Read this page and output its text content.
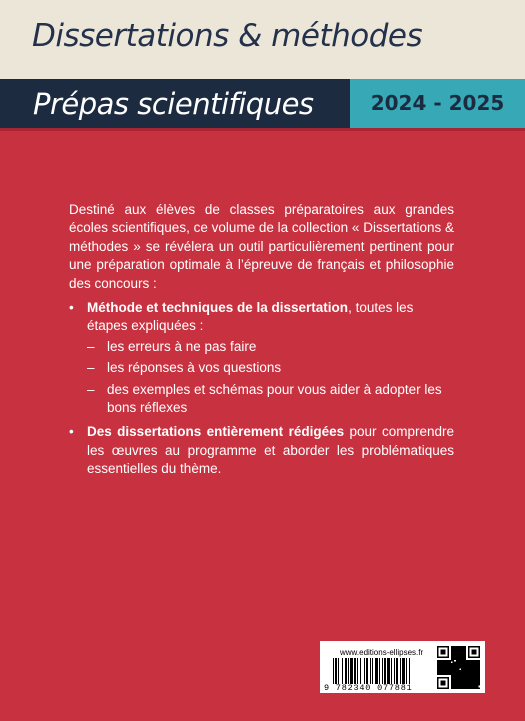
Dissertations & méthodes
Prépas scientifiques	2024 - 2025

Destiné aux élèves de classes préparatoires aux grandes écoles scientifiques, ce volume de la collection « Dissertations & méthodes » se révélera un outil particulièrement pertinent pour une préparation optimale à l’épreuve de français et philosophie des concours :

• Méthode et techniques de la dissertation, toutes les étapes expliquées :
– les erreurs à ne pas faire
– les réponses à vos questions
– des exemples et schémas pour vous aider à adopter les bons réflexes
• Des dissertations entièrement rédigées pour comprendre les œuvres au programme et aborder les problématiques essentielles du thème.
www.editions-ellipses.fr
9 782340 077881
